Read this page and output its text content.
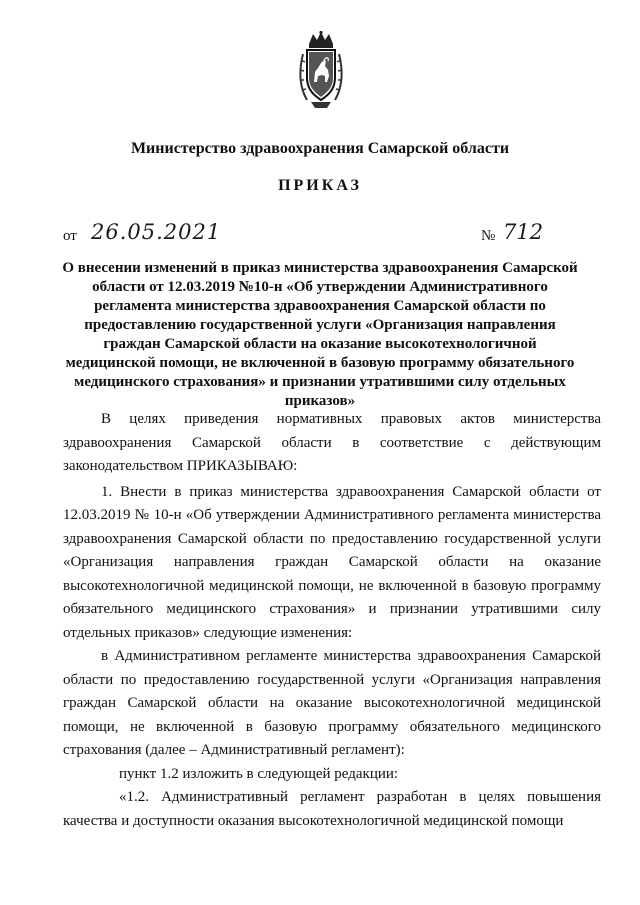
Министерство здравоохранения Самарской области
ПРИКАЗ
от 26.05.2021	№ 712
О внесении изменений в приказ министерства здравоохранения Самарской области от 12.03.2019 №10-н «Об утверждении Административного регламента министерства здравоохранения Самарской области по предоставлению государственной услуги «Организация направления граждан Самарской области на оказание высокотехнологичной медицинской помощи, не включенной в базовую программу обязательного медицинского страхования» и признании утратившими силу отдельных приказов»

В целях приведения нормативных правовых актов министерства здравоохранения Самарской области в соответствие с действующим законодательством ПРИКАЗЫВАЮ:

1. Внести в приказ министерства здравоохранения Самарской области от 12.03.2019 № 10-н «Об утверждении Административного регламента министерства здравоохранения Самарской области по предоставлению государственной услуги «Организация направления граждан Самарской области на оказание высокотехнологичной медицинской помощи, не включенной в базовую программу обязательного медицинского страхования» и признании утратившими силу отдельных приказов» следующие изменения:

в Административном регламенте министерства здравоохранения Самарской области по предоставлению государственной услуги «Организация направления граждан Самарской области на оказание высокотехнологичной медицинской помощи, не включенной в базовую программу обязательного медицинского страхования (далее – Административный регламент):

пункт 1.2 изложить в следующей редакции:

«1.2. Административный регламент разработан в целях повышения качества и доступности оказания высокотехнологичной медицинской помощи
